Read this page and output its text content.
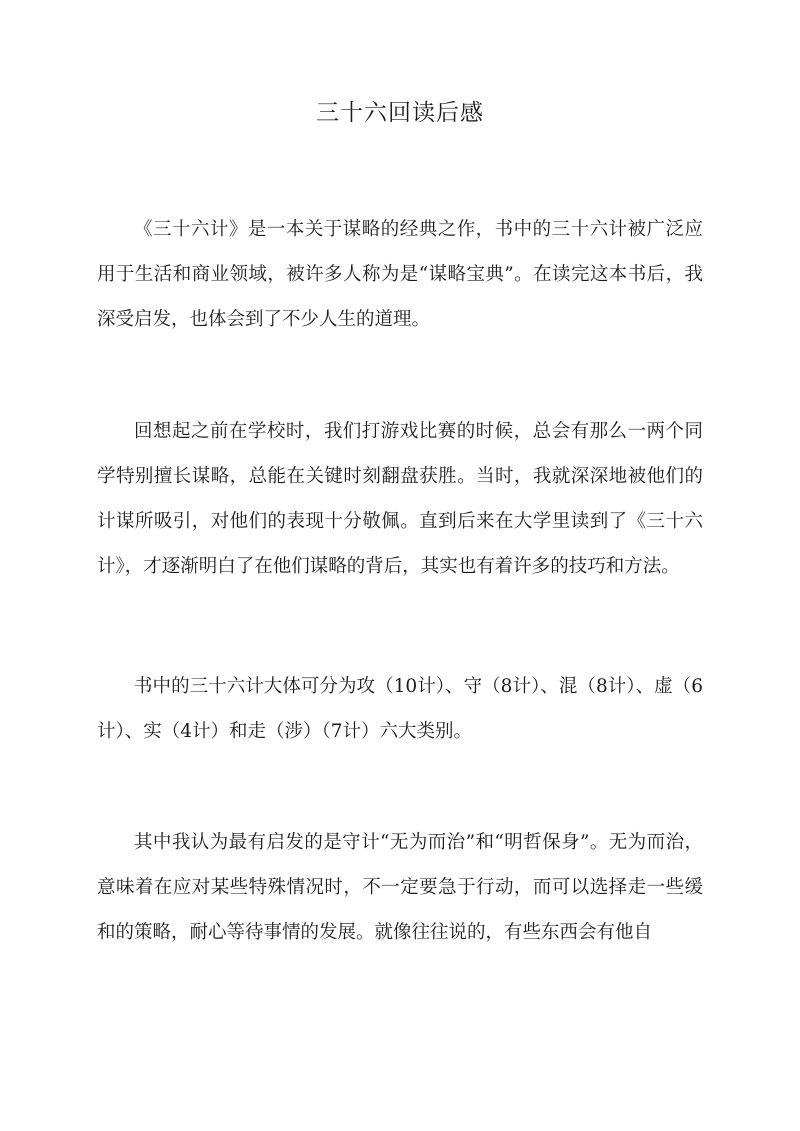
三十六回读后感

《三十六计》是一本关于谋略的经典之作，书中的三十六计被广泛应用于生活和商业领域，被许多人称为是“谋略宝典”。在读完这本书后，我深受启发，也体会到了不少人生的道理。

回想起之前在学校时，我们打游戏比赛的时候，总会有那么一两个同学特别擅长谋略，总能在关键时刻翻盘获胜。当时，我就深深地被他们的计谋所吸引，对他们的表现十分敬佩。直到后来在大学里读到了《三十六计》，才逐渐明白了在他们谋略的背后，其实也有着许多的技巧和方法。

书中的三十六计大体可分为攻（10计）、守（8计）、混（8计）、虚（6计）、实（4计）和走（涉）（7计）六大类别。

其中我认为最有启发的是守计“无为而治”和“明哲保身”。无为而治，意味着在应对某些特殊情况时，不一定要急于行动，而可以选择走一些缓和的策略，耐心等待事情的发展。就像往往说的，有些东西会有他自
